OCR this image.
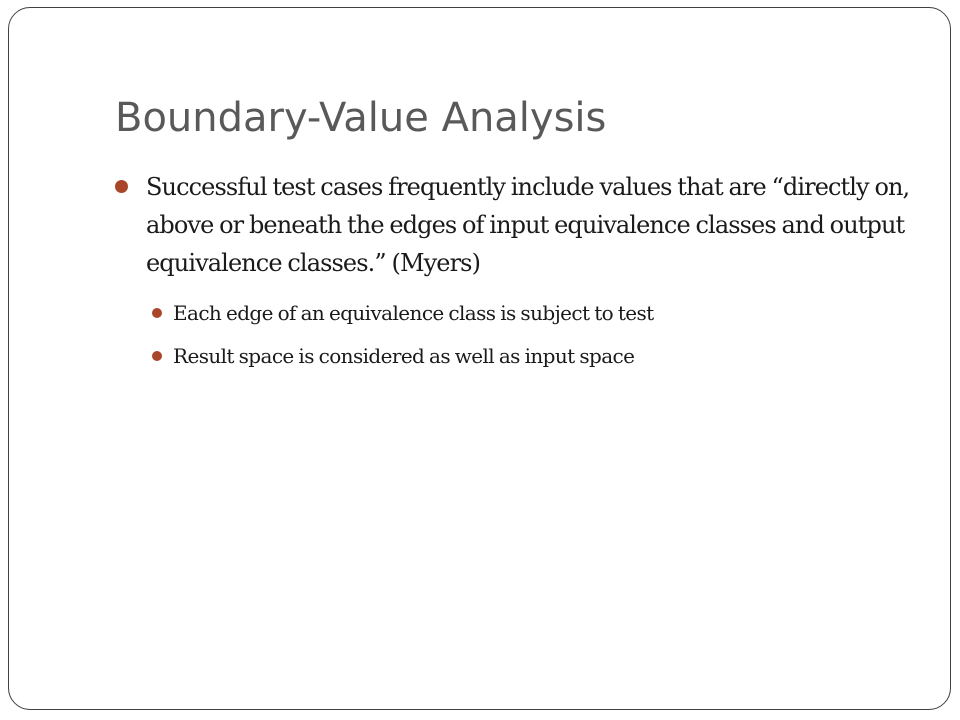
Boundary-Value Analysis
Successful test cases frequently include values that are “directly on, above or beneath the edges of input equivalence classes and output equivalence classes.” (Myers)
Each edge of an equivalence class is subject to test
Result space is considered as well as input space
